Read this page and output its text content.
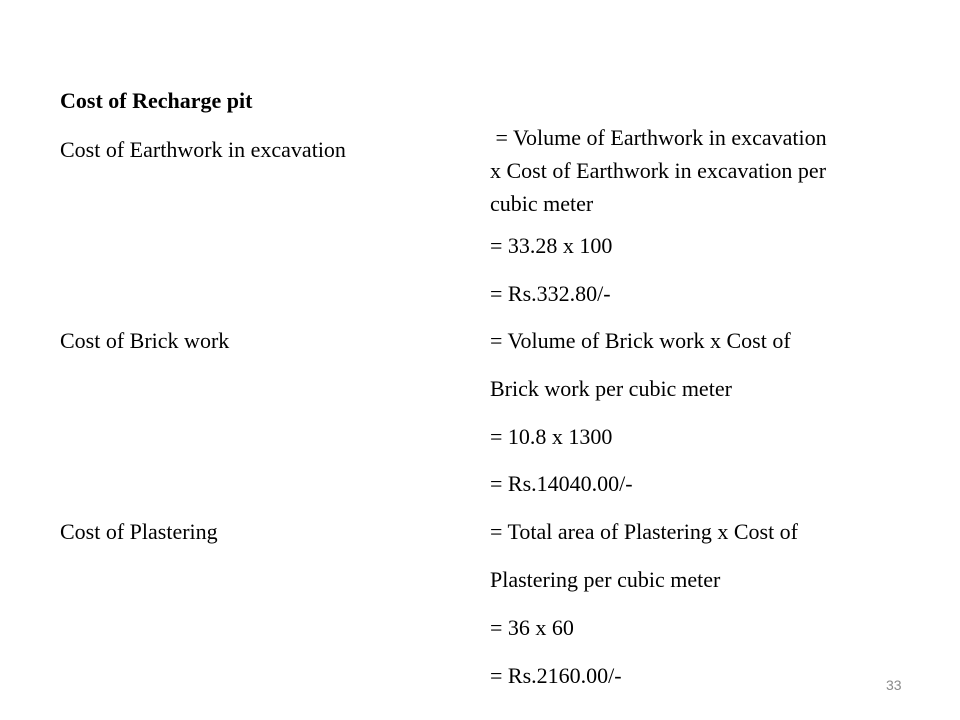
Cost of Recharge pit
Cost of Earthwork in excavation	= Volume of Earthwork in excavation
x Cost of Earthwork in excavation per
cubic meter
= 33.28 x 100
= Rs.332.80/-
Cost of Brick work	= Volume of Brick work x Cost of
Brick work per cubic meter
= 10.8 x 1300
= Rs.14040.00/-
Cost of Plastering	= Total area of Plastering x Cost of
Plastering per cubic meter
= 36 x 60
= Rs.2160.00/-	33
